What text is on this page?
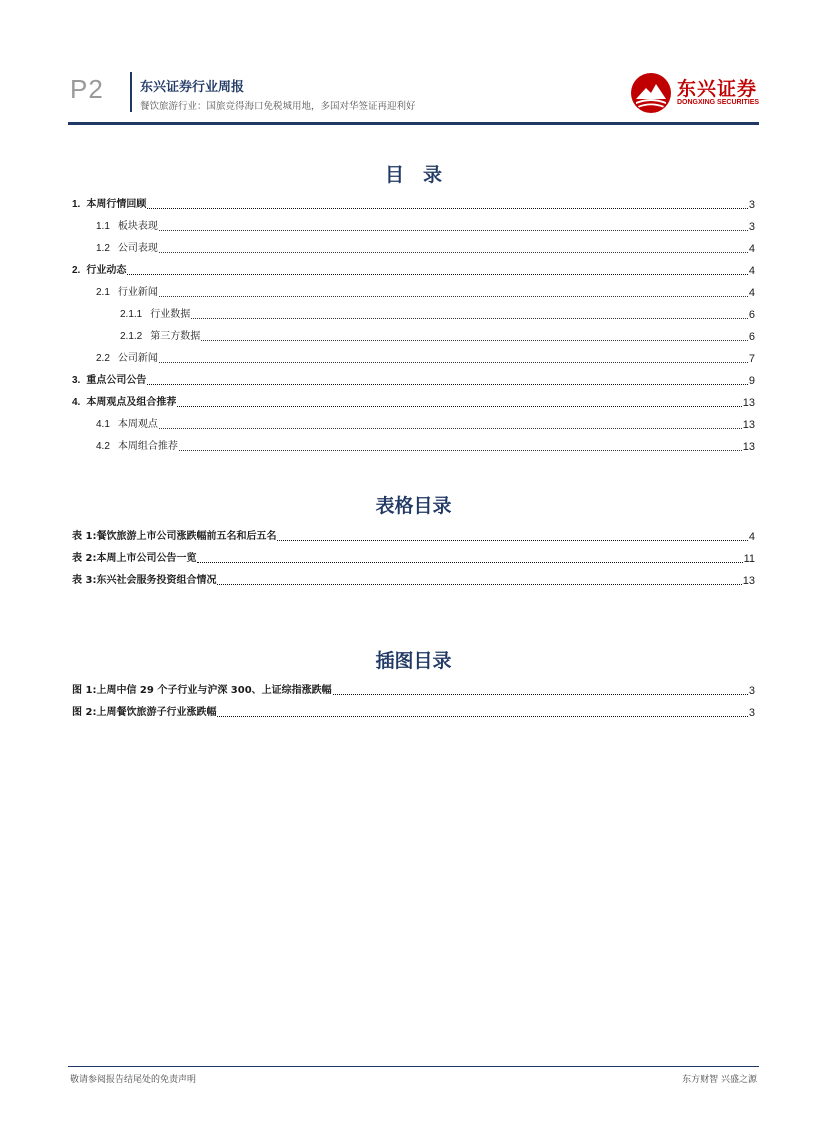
P2	东兴证券行业周报
餐饮旅游行业：国旅竞得海口免税城用地，多国对华签证再迎利好
东兴证券
DONGXING SECURITIES
目　录
1. 本周行情回顾	3
1.1 板块表现	3
1.2 公司表现	4
2. 行业动态	4
2.1 行业新闻	4
2.1.1 行业数据	6
2.1.2 第三方数据	6
2.2 公司新闻	7
3. 重点公司公告	9
4. 本周观点及组合推荐	13
4.1 本周观点	13
4.2 本周组合推荐	13
表格目录
表 1:餐饮旅游上市公司涨跌幅前五名和后五名	4
表 2:本周上市公司公告一览	11
表 3:东兴社会服务投资组合情况	13
插图目录
图 1:上周中信 29 个子行业与沪深 300、上证综指涨跌幅	3
图 2:上周餐饮旅游子行业涨跌幅	3
敬请参阅报告结尾处的免责声明	东方财智 兴盛之源
